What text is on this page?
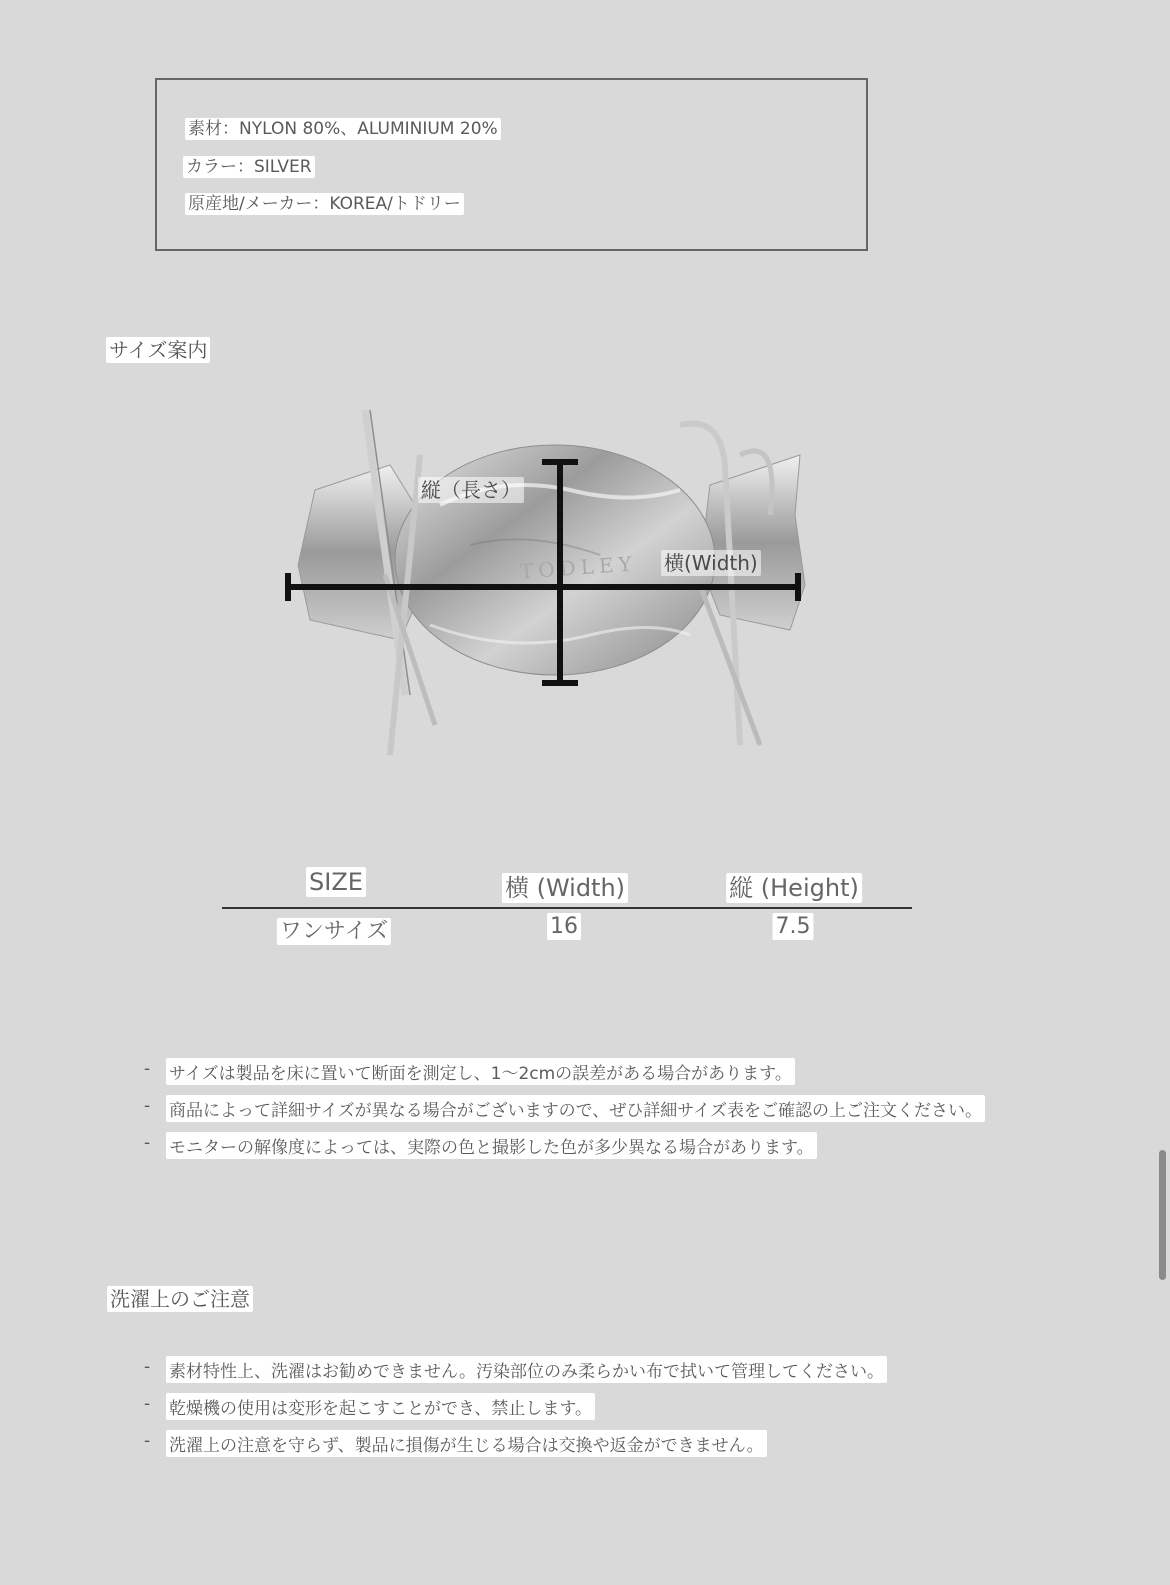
素材：NYLON 80%、ALUMINIUM 20%
カラー：SILVER
原産地/メーカー：KOREA/トドリー
サイズ案内
TODLEY
縦（長さ）
横(Width)
SIZE	横 (Width)	縦 (Height)
ワンサイズ	16	7.5
- サイズは製品を床に置いて断面を測定し、1〜2cmの誤差がある場合があります。
- 商品によって詳細サイズが異なる場合がございますので、ぜひ詳細サイズ表をご確認の上ご注文ください。
- モニターの解像度によっては、実際の色と撮影した色が多少異なる場合があります。
洗濯上のご注意
- 素材特性上、洗濯はお勧めできません。汚染部位のみ柔らかい布で拭いて管理してください。
- 乾燥機の使用は変形を起こすことができ、禁止します。
- 洗濯上の注意を守らず、製品に損傷が生じる場合は交換や返金ができません。
